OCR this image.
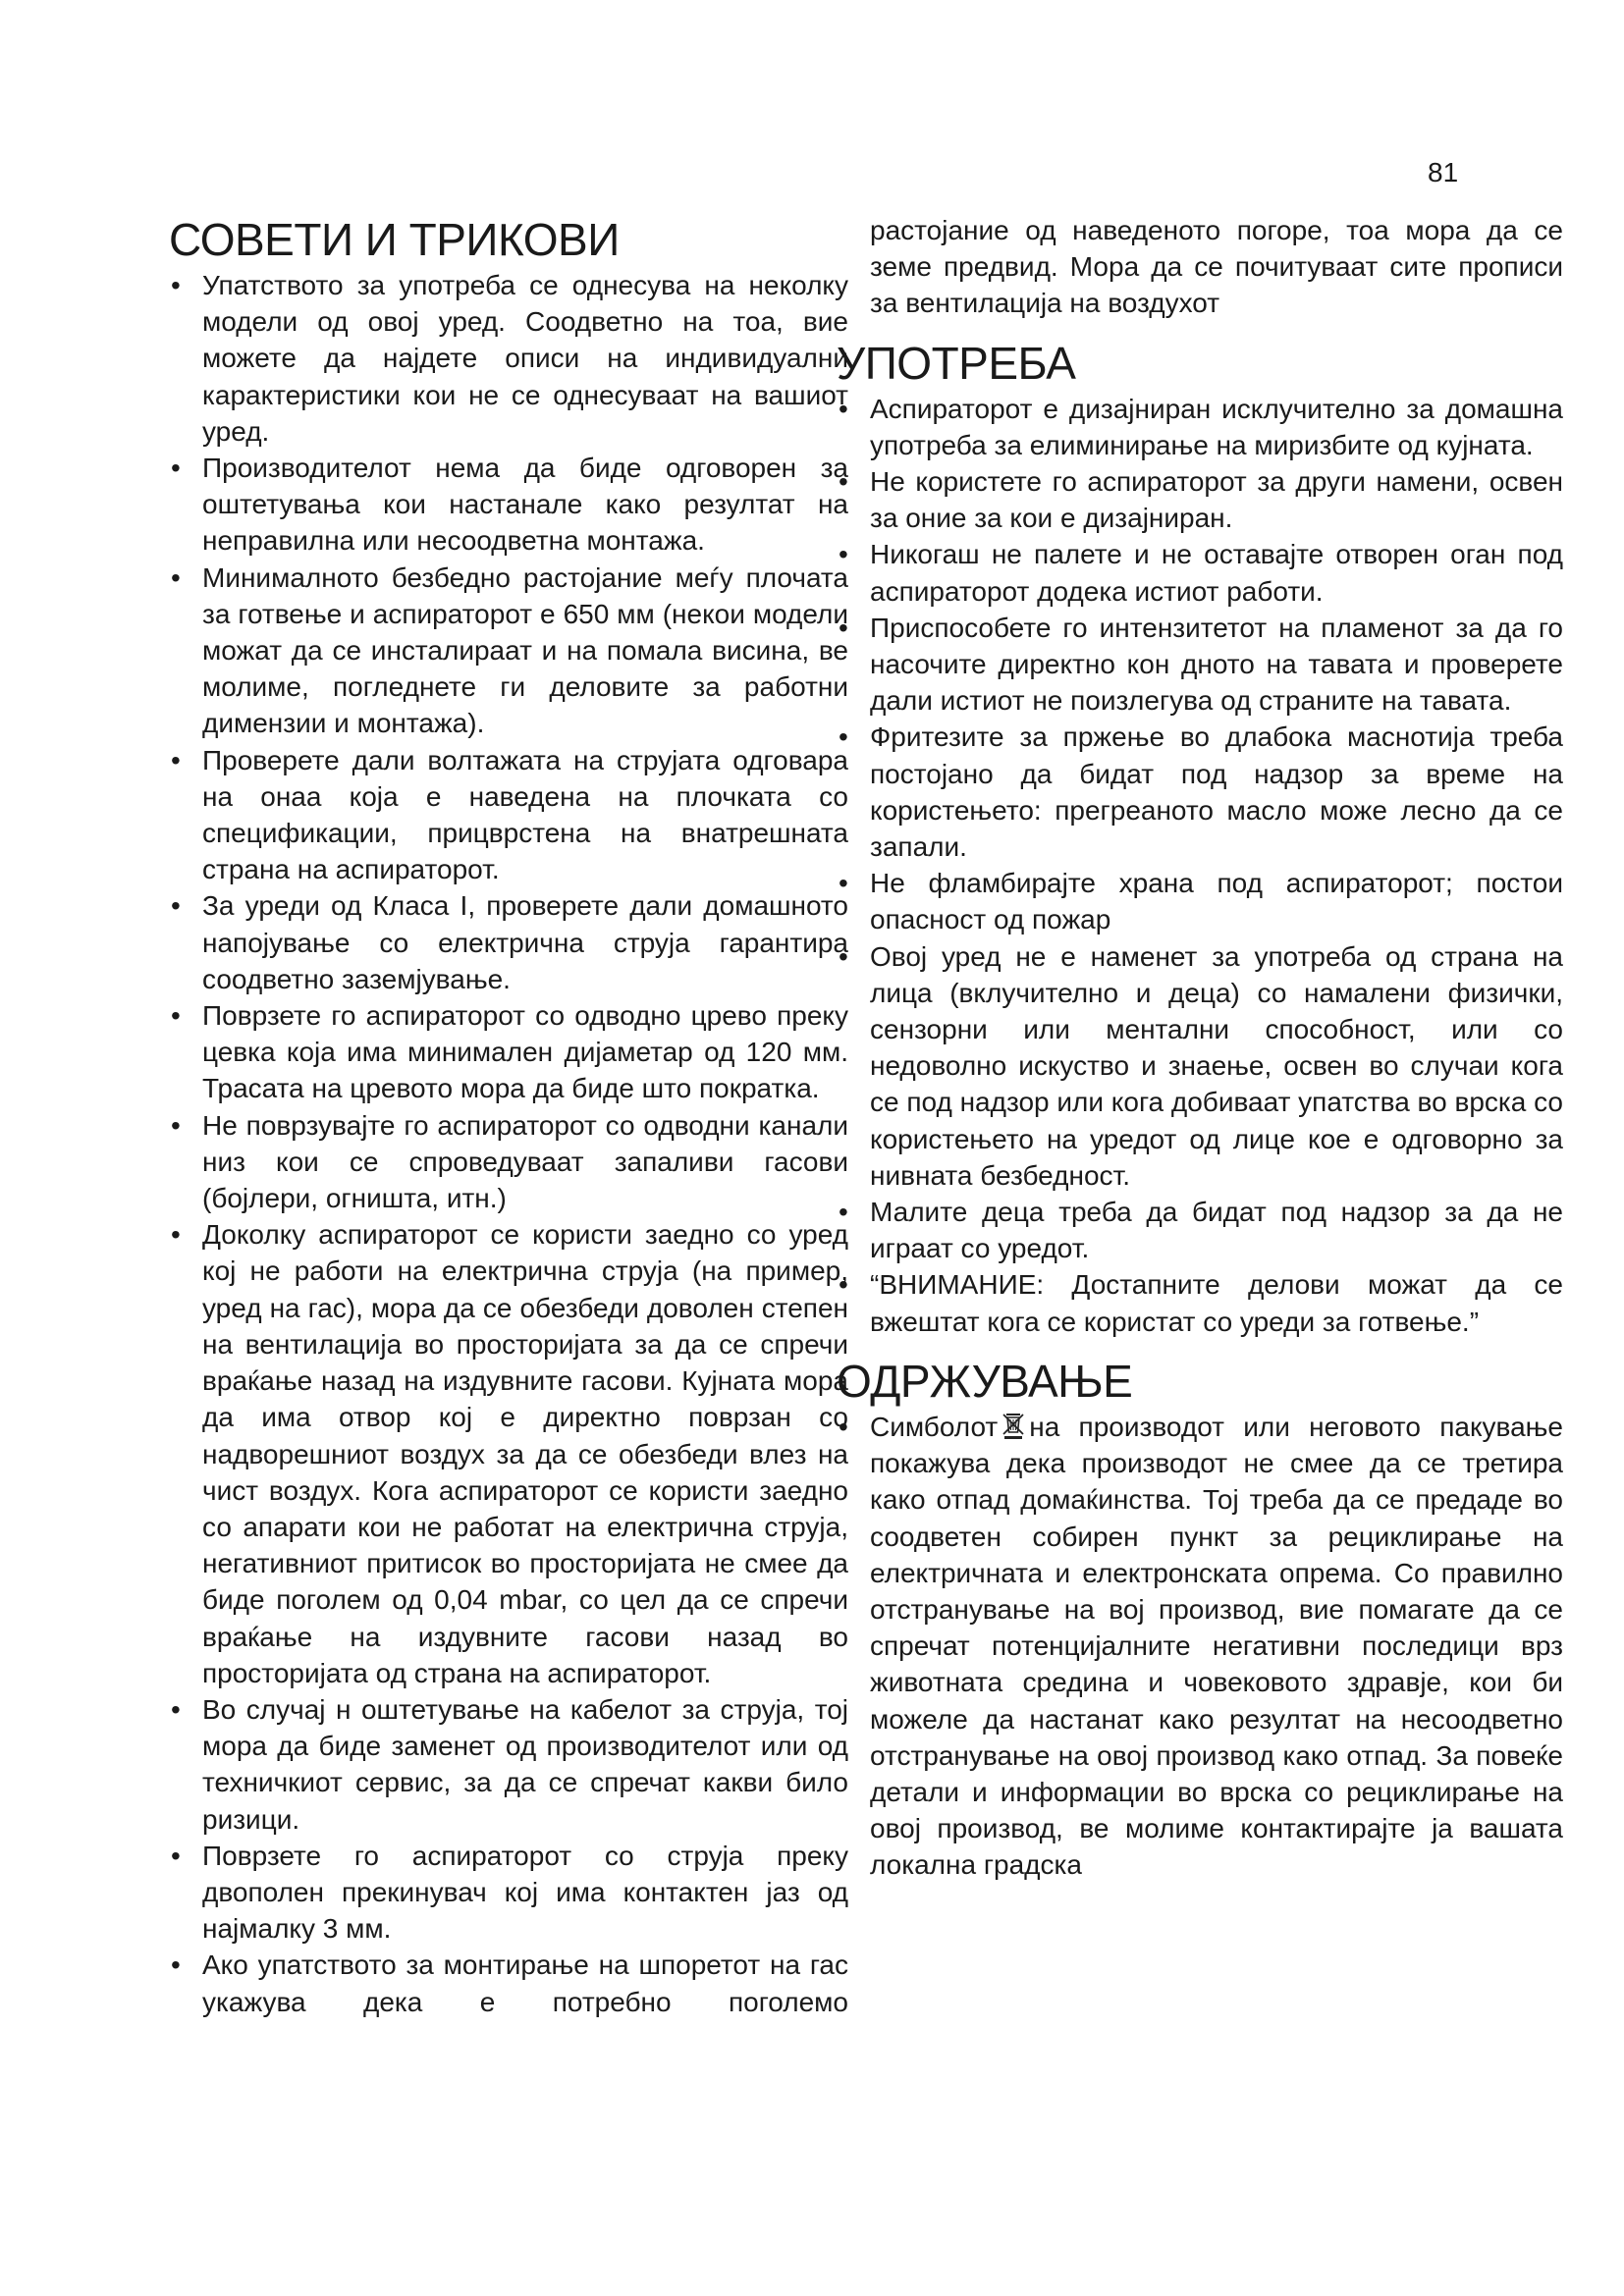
81
СОВЕТИ И ТРИКОВИ
• Упатството за употреба се однесува на неколку модели од овој уред. Соодветно на тоа, вие можете да најдете описи на индивидуални карактеристики кои не се однесуваат на вашиот уред.
• Производителот нема да биде одговорен за оштетувања кои настанале како резултат на неправилна или несоодветна монтажа.
• Минималното безбедно растојание меѓу плочата за готвење и аспираторот е 650 мм (некои модели можат да се инсталираат и на помала висина, ве молиме, погледнете ги деловите за работни димензии и монтажа).
• Проверете дали волтажата на струјата одговара на онаа која е наведена на плочката со спецификации, прицврстена на внатрешната страна на аспираторот.
• За уреди од Класа I, проверете дали домашното напојување со електрична струја гарантира соодветно заземјување.
• Поврзете го аспираторот со одводно црево преку цевка која има минимален дијаметар од 120 мм. Трасата на цревото мора да биде што пократка.
• Не поврзувајте го аспираторот со одводни канали низ кои се спроведуваат запаливи гасови (бојлери, огништа, итн.)
• Доколку аспираторот се користи заедно со уред кој не работи на електрична струја (на пример, уред на гас), мора да се обезбеди доволен степен на вентилација во просторијата за да се спречи враќање назад на издувните гасови. Кујната мора да има отвор кој е директно поврзан со надворешниот воздух за да се обезбеди влез на чист воздух. Кога аспираторот се користи заедно со апарати кои не работат на електрична струја, негативниот притисок во просторијата не смее да биде поголем од 0,04 mbar, со цел да се спречи враќање на издувните гасови назад во просторијата од страна на аспираторот.
• Во случај н оштетување на кабелот за струја, тој мора да биде заменет од производителот или од техничкиот сервис, за да се спречат какви било ризици.
• Поврзете го аспираторот со струја преку двополен прекинувач кој има контактен јаз од најмалку 3 мм.
• Ако упатството за монтирање на шпоретот на гас укажува дека е потребно поголемо

растојание од наведеното погоре, тоа мора да се земе предвид. Мора да се почитуваат сите прописи за вентилација на воздухот

УПОТРЕБА
• Аспираторот е дизајниран исклучително за домашна употреба за елиминирање на миризбите од кујната.
• Не користете го аспираторот за други намени, освен за оние за кои е дизајниран.
• Никогаш не палете и не оставајте отворен оган под аспираторот додека истиот работи.
• Приспособете го интензитетот на пламенот за да го насочите директно кон дното на тавата и проверете дали истиот не поизлегува од страните на тавата.
• Фритезите за пржење во длабока маснотија треба постојано да бидат под надзор за време на користењето: прегреаното масло може лесно да се запали.
• Не фламбирајте храна под аспираторот; постои опасност од пожар
• Овој уред не е наменет за употреба од страна на лица (вклучително и деца) со намалени физички, сензорни или ментални способност, или со недоволно искуство и знаење, освен во случаи кога се под надзор или кога добиваат упатства во врска со користењето на уредот од лице кое е одговорно за нивната безбедност.
• Малите деца треба да бидат под надзор за да не играат со уредот.
• “ВНИМАНИЕ: Достапните делови можат да се вжештат кога се користат со уреди за готвење.”
ОДРЖУВАЊЕ
• Симболот на производот или неговото пакување покажува дека производот не смее да се третира како отпад домаќинства. Тој треба да се предаде во соодветен собирен пункт за рециклирање на електричната и електронската опрема. Со правилно отстранување на вој производ, вие помагате да се спречат потенцијалните негативни последици врз животната средина и човековото здравје, кои би можеле да настанат како резултат на несоодветно отстранување на овој производ како отпад. За повеќе детали и информации во врска со рециклирање на овој производ, ве молиме контактирајте ја вашата локална градска
